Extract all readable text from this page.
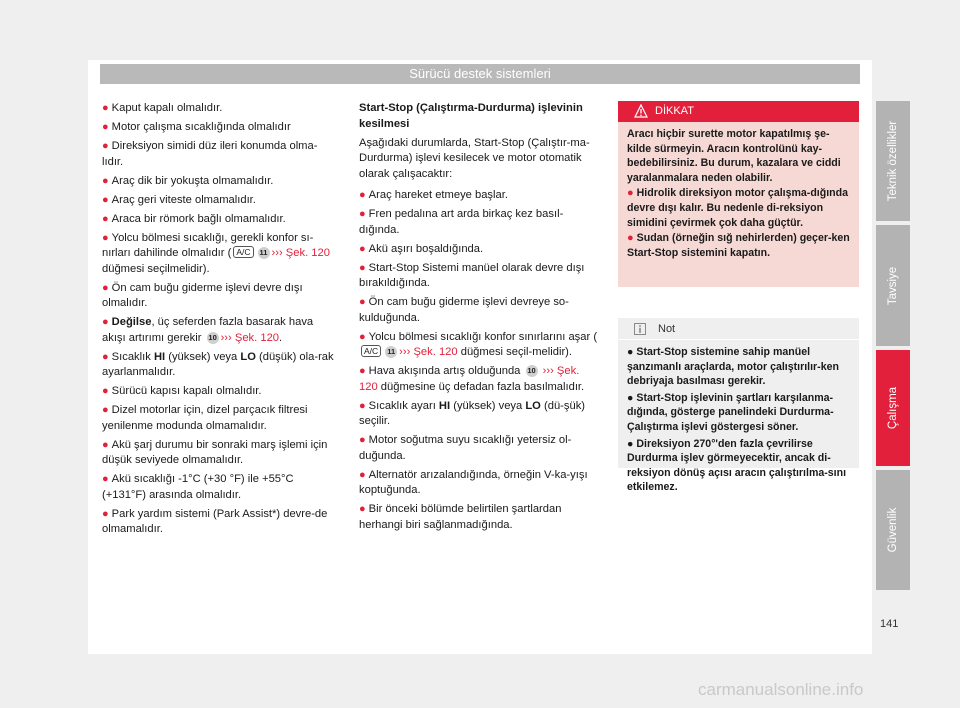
Sürücü destek sistemleri

● Kaput kapalı olmalıdır.

● Motor çalışma sıcaklığında olmalıdır

● Direksiyon simidi düz ileri konumda olma-lıdır.

● Araç dik bir yokuşta olmamalıdır.

● Araç geri viteste olmamalıdır.

● Araca bir römork bağlı olmamalıdır.

● Yolcu bölmesi sıcaklığı, gerekli konfor sı-nırları dahilinde olmalıdır ( A/C 11 ››› Şek. 120 düğmesi seçilmelidir).

● Ön cam buğu giderme işlevi devre dışı olmalıdır.

● Değilse, üç seferden fazla basarak hava akışı artırımı gerekir 10 ››› Şek. 120.

● Sıcaklık HI (yüksek) veya LO (düşük) ola-rak ayarlanmalıdır.

● Sürücü kapısı kapalı olmalıdır.

● Dizel motorlar için, dizel parçacık filtresi yenilenme modunda olmamalıdır.

● Akü şarj durumu bir sonraki marş işlemi için düşük seviyede olmamalıdır.

● Akü sıcaklığı -1°C (+30 °F) ile +55°C (+131°F) arasında olmalıdır.

● Park yardım sistemi (Park Assist*) devre-de olmamalıdır.

Start-Stop (Çalıştırma-Durdurma) işlevinin kesilmesi

Aşağıdaki durumlarda, Start-Stop (Çalıştır-ma-Durdurma) işlevi kesilecek ve motor otomatik olarak çalışacaktır:

● Araç hareket etmeye başlar.

● Fren pedalına art arda birkaç kez basıl-dığında.

● Akü aşırı boşaldığında.

● Start-Stop Sistemi manüel olarak devre dışı bırakıldığında.

● Ön cam buğu giderme işlevi devreye so-kulduğunda.

● Yolcu bölmesi sıcaklığı konfor sınırlarını aşar (A/C 11 ››› Şek. 120 düğmesi seçil-melidir).

● Hava akışında artış olduğunda 10 ››› Şek. 120 düğmesine üç defadan fazla basılmalıdır.

● Sıcaklık ayarı HI (yüksek) veya LO (dü-şük) seçilir.

● Motor soğutma suyu sıcaklığı yetersiz ol-duğunda.

● Alternatör arızalandığında, örneğin V-ka-yışı koptuğunda.

● Bir önceki bölümde belirtilen şartlardan herhangi biri sağlanmadığında.

DİKKAT

Aracı hiçbir surette motor kapatılmış şe-kilde sürmeyin. Aracın kontrolünü kay-bedebilirsiniz. Bu durum, kazalara ve ciddi yaralanmalara neden olabilir.

● Hidrolik direksiyon motor çalışma-dığında devre dışı kalır. Bu nedenle di-reksiyon simidini çevirmek çok daha güçtür.

● Sudan (örneğin sığ nehirlerden) geçer-ken Start-Stop sistemini kapatın.

Not

● Start-Stop sistemine sahip manüel şanzımanlı araçlarda, motor çalıştırılır-ken debriyaja basılması gerekir.

● Start-Stop işlevinin şartları karşılanma-dığında, gösterge panelindeki Durdurma-Çalıştırma işlevi göstergesi söner.

● Direksiyon 270°'den fazla çevrilirse Durdurma işlev görmeyecektir, ancak di-reksiyon dönüş açısı aracın çalıştırılma-sını etkilemez.

Teknik özellikler
Tavsiye
Çalışma
Güvenlik
141
carmanualsonline.info
